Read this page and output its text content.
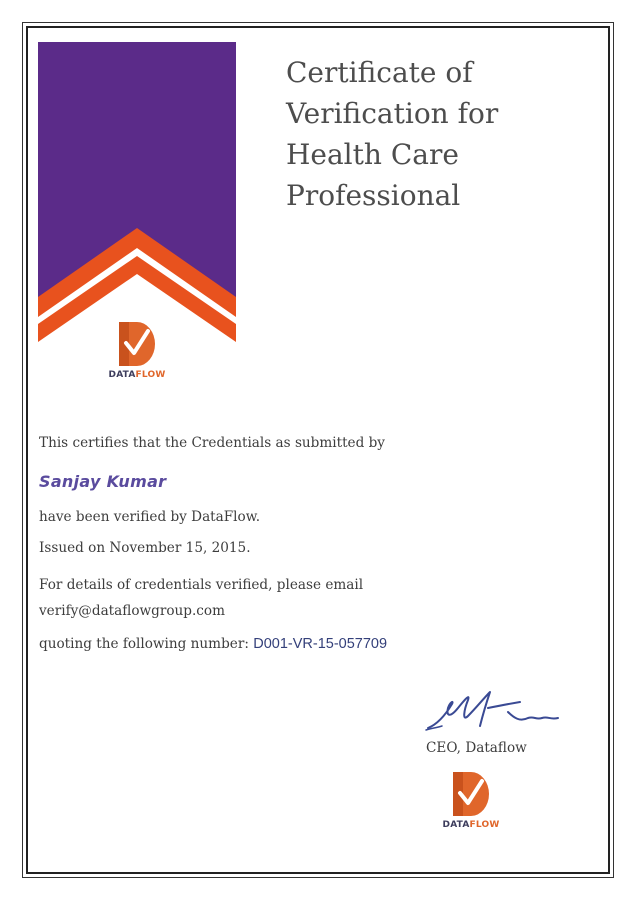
Certificate of
Verification for
Health Care
Professional
DATAFLOW
This certifies that the Credentials as submitted by
Sanjay Kumar
have been verified by DataFlow.
Issued on November 15, 2015.
For details of credentials verified, please email
verify@dataflowgroup.com
quoting the following number: D001-VR-15-057709
CEO, Dataflow
DATAFLOW
